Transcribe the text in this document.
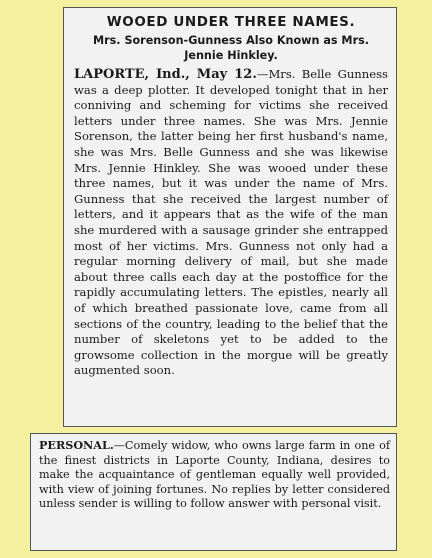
WOOED UNDER THREE NAMES.
Mrs. Sorenson-Gunness Also Known as Mrs. Jennie Hinkley.

LAPORTE, Ind., May 12.—Mrs. Belle Gunness was a deep plotter. It developed tonight that in her conniving and scheming for victims she received letters under three names. She was Mrs. Jennie Sorenson, the latter being her first husband's name, she was Mrs. Belle Gunness and she was likewise Mrs. Jennie Hinkley. She was wooed under these three names, but it was under the name of Mrs. Gunness that she received the largest number of letters, and it appears that as the wife of the man she murdered with a sausage grinder she entrapped most of her victims. Mrs. Gunness not only had a regular morning delivery of mail, but she made about three calls each day at the postoffice for the rapidly accumulating letters. The epistles, nearly all of which breathed passionate love, came from all sections of the country, leading to the belief that the number of skeletons yet to be added to the growsome collection in the morgue will be greatly augmented soon.

PERSONAL.—Comely widow, who owns large farm in one of the finest districts in Laporte County, Indiana, desires to make the acquaintance of gentleman equally well provided, with view of joining fortunes. No replies by letter considered unless sender is willing to follow answer with personal visit.
